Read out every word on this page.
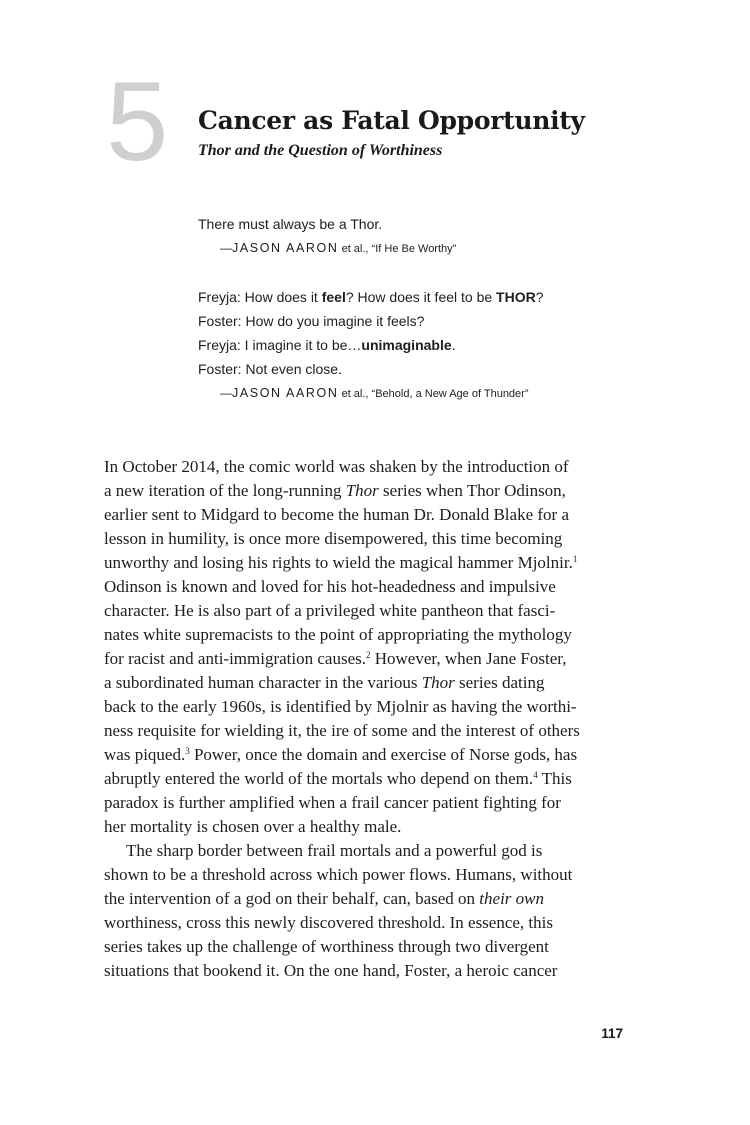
5 Cancer as Fatal Opportunity
Thor and the Question of Worthiness
There must always be a Thor.
—JASON AARON et al., “If He Be Worthy”
Freyja: How does it feel? How does it feel to be THOR?
Foster: How do you imagine it feels?
Freyja: I imagine it to be…unimaginable.
Foster: Not even close.
—JASON AARON et al., “Behold, a New Age of Thunder”
In October 2014, the comic world was shaken by the introduction of
a new iteration of the long-running Thor series when Thor Odinson,
earlier sent to Midgard to become the human Dr. Donald Blake for a
lesson in humility, is once more disempowered, this time becoming
unworthy and losing his rights to wield the magical hammer Mjolnir.$^1$
Odinson is known and loved for his hot-headedness and impulsive
character. He is also part of a privileged white pantheon that fasci-
nates white supremacists to the point of appropriating the mythology
for racist and anti-immigration causes.$^2$ However, when Jane Foster,
a subordinated human character in the various Thor series dating
back to the early 1960s, is identified by Mjolnir as having the worthi-
ness requisite for wielding it, the ire of some and the interest of others
was piqued.$^3$ Power, once the domain and exercise of Norse gods, has
abruptly entered the world of the mortals who depend on them.$^4$ This
paradox is further amplified when a frail cancer patient fighting for
her mortality is chosen over a healthy male.
The sharp border between frail mortals and a powerful god is
shown to be a threshold across which power flows. Humans, without
the intervention of a god on their behalf, can, based on their own
worthiness, cross this newly discovered threshold. In essence, this
series takes up the challenge of worthiness through two divergent
situations that bookend it. On the one hand, Foster, a heroic cancer
117
